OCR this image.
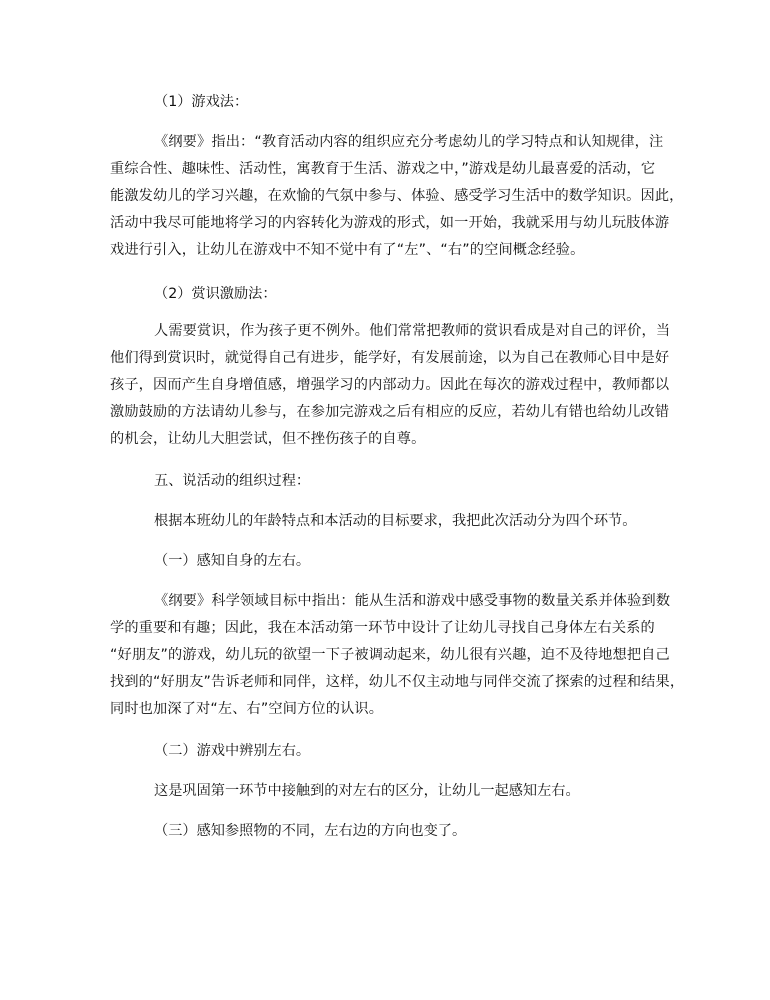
（1）游戏法：

《纲要》指出：“教育活动内容的组织应充分考虑幼儿的学习特点和认知规律，注
重综合性、趣味性、活动性，寓教育于生活、游戏之中，”游戏是幼儿最喜爱的活动，它
能激发幼儿的学习兴趣，在欢愉的气氛中参与、体验、感受学习生活中的数学知识。因此，
活动中我尽可能地将学习的内容转化为游戏的形式，如一开始，我就采用与幼儿玩肢体游
戏进行引入，让幼儿在游戏中不知不觉中有了“左”、“右”的空间概念经验。

（2）赏识激励法：

人需要赏识，作为孩子更不例外。他们常常把教师的赏识看成是对自己的评价，当
他们得到赏识时，就觉得自己有进步，能学好，有发展前途，以为自己在教师心目中是好
孩子，因而产生自身增值感，增强学习的内部动力。因此在每次的游戏过程中，教师都以
激励鼓励的方法请幼儿参与，在参加完游戏之后有相应的反应，若幼儿有错也给幼儿改错
的机会，让幼儿大胆尝试，但不挫伤孩子的自尊。

五、说活动的组织过程：

根据本班幼儿的年龄特点和本活动的目标要求，我把此次活动分为四个环节。

（一）感知自身的左右。

《纲要》科学领域目标中指出：能从生活和游戏中感受事物的数量关系并体验到数
学的重要和有趣；因此，我在本活动第一环节中设计了让幼儿寻找自己身体左右关系的
“好朋友”的游戏，幼儿玩的欲望一下子被调动起来，幼儿很有兴趣，迫不及待地想把自己
找到的“好朋友”告诉老师和同伴，这样，幼儿不仅主动地与同伴交流了探索的过程和结果，
同时也加深了对“左、右”空间方位的认识。

（二）游戏中辨别左右。

这是巩固第一环节中接触到的对左右的区分，让幼儿一起感知左右。

（三）感知参照物的不同，左右边的方向也变了。
